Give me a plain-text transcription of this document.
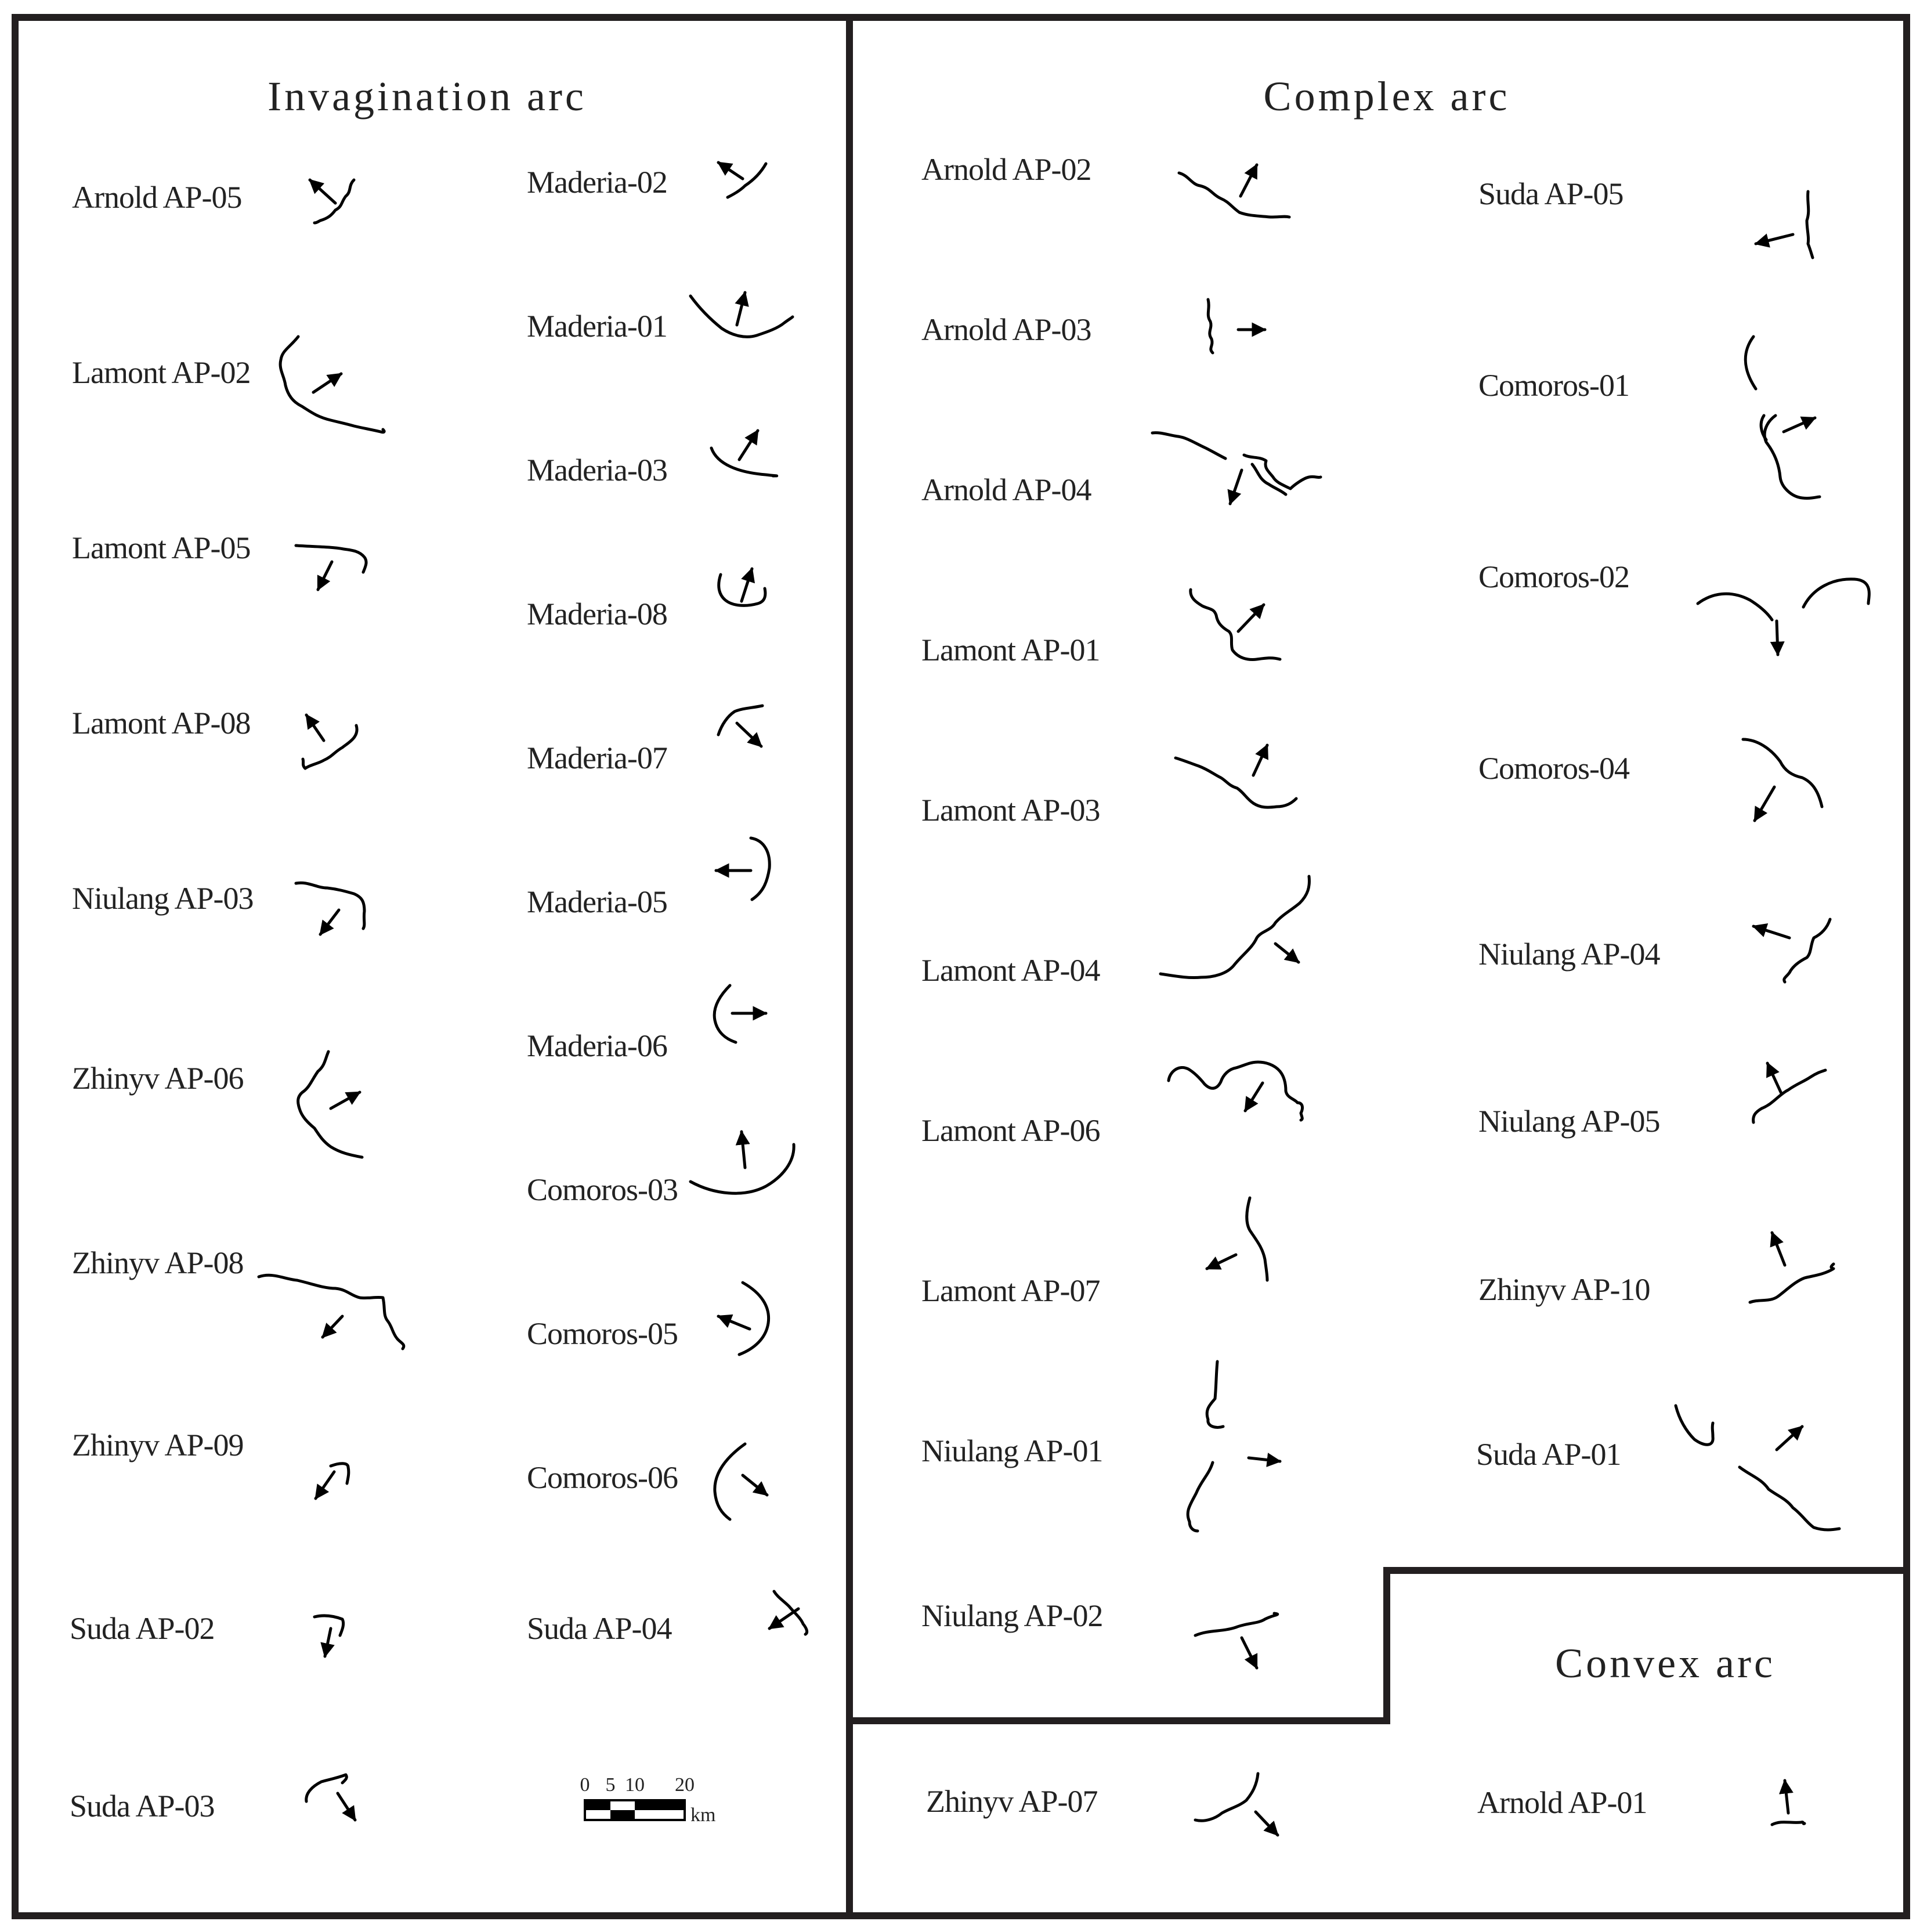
Invagination arc	Complex arc
Convex arc
Arnold AP-05
Lamont AP-02
Lamont AP-05
Lamont AP-08
Niulang AP-03
Zhinyv AP-06
Zhinyv AP-08
Zhinyv AP-09
Suda AP-02
Suda AP-03
Maderia-02
Maderia-01
Maderia-03
Maderia-08
Maderia-07
Maderia-05
Maderia-06
Comoros-03
Comoros-05
Comoros-06
Suda AP-04
Arnold AP-02
Arnold AP-03
Arnold AP-04
Lamont AP-01
Lamont AP-03
Lamont AP-04
Lamont AP-06
Lamont AP-07
Niulang AP-01
Niulang AP-02
Suda AP-05
Comoros-01
Comoros-02
Comoros-04
Niulang AP-04
Niulang AP-05
Zhinyv AP-10
Suda AP-01
Zhinyv AP-07	Arnold AP-01
0 5 10 20
km
